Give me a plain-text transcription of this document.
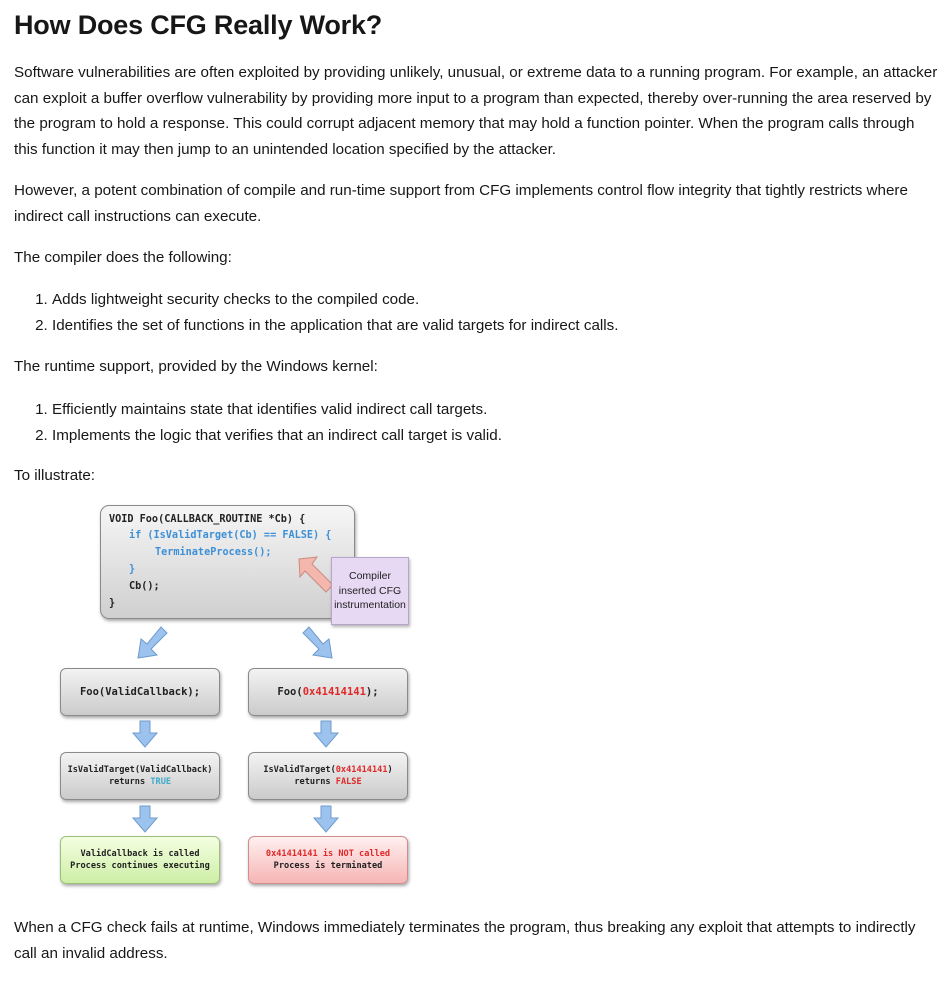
How Does CFG Really Work?
Software vulnerabilities are often exploited by providing unlikely, unusual, or extreme data to a running program. For example, an attacker can exploit a buffer overflow vulnerability by providing more input to a program than expected, thereby over-running the area reserved by the program to hold a response. This could corrupt adjacent memory that may hold a function pointer. When the program calls through this function it may then jump to an unintended location specified by the attacker.
However, a potent combination of compile and run-time support from CFG implements control flow integrity that tightly restricts where indirect call instructions can execute.
The compiler does the following:
1. Adds lightweight security checks to the compiled code.
2. Identifies the set of functions in the application that are valid targets for indirect calls.
The runtime support, provided by the Windows kernel:
1. Efficiently maintains state that identifies valid indirect call targets.
2. Implements the logic that verifies that an indirect call target is valid.
To illustrate:
When a CFG check fails at runtime, Windows immediately terminates the program, thus breaking any exploit that attempts to indirectly call an invalid address.
VOID Foo(CALLBACK_ROUTINE *Cb) {
if (IsValidTarget(Cb) == FALSE) {
TerminateProcess();
}
Cb();
}
Compiler
inserted CFG
instrumentation
Foo(ValidCallback);
IsValidTarget(ValidCallback)
returns TRUE
ValidCallback is called
Process continues executing
Foo(0x41414141);
IsValidTarget(0x41414141)
returns FALSE
0x41414141 is NOT called
Process is terminated
